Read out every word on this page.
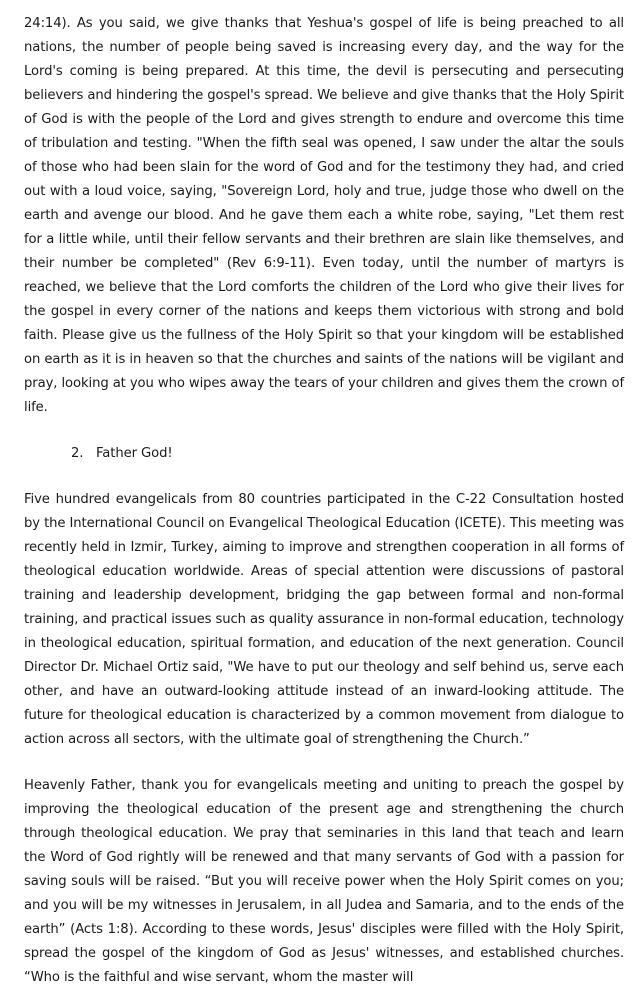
24:14). As you said, we give thanks that Yeshua's gospel of life is being preached to all nations, the number of people being saved is increasing every day, and the way for the Lord's coming is being prepared. At this time, the devil is persecuting and persecuting believers and hindering the gospel's spread. We believe and give thanks that the Holy Spirit of God is with the people of the Lord and gives strength to endure and overcome this time of tribulation and testing. "When the fifth seal was opened, I saw under the altar the souls of those who had been slain for the word of God and for the testimony they had, and cried out with a loud voice, saying, "Sovereign Lord, holy and true, judge those who dwell on the earth and avenge our blood. And he gave them each a white robe, saying, "Let them rest for a little while, until their fellow servants and their brethren are slain like themselves, and their number be completed" (Rev 6:9-11). Even today, until the number of martyrs is reached, we believe that the Lord comforts the children of the Lord who give their lives for the gospel in every corner of the nations and keeps them victorious with strong and bold faith. Please give us the fullness of the Holy Spirit so that your kingdom will be established on earth as it is in heaven so that the churches and saints of the nations will be vigilant and pray, looking at you who wipes away the tears of your children and gives them the crown of life.

2. Father God!

Five hundred evangelicals from 80 countries participated in the C-22 Consultation hosted by the International Council on Evangelical Theological Education (ICETE). This meeting was recently held in Izmir, Turkey, aiming to improve and strengthen cooperation in all forms of theological education worldwide. Areas of special attention were discussions of pastoral training and leadership development, bridging the gap between formal and non-formal training, and practical issues such as quality assurance in non-formal education, technology in theological education, spiritual formation, and education of the next generation. Council Director Dr. Michael Ortiz said, "We have to put our theology and self behind us, serve each other, and have an outward-looking attitude instead of an inward-looking attitude. The future for theological education is characterized by a common movement from dialogue to action across all sectors, with the ultimate goal of strengthening the Church.”

Heavenly Father, thank you for evangelicals meeting and uniting to preach the gospel by improving the theological education of the present age and strengthening the church through theological education. We pray that seminaries in this land that teach and learn the Word of God rightly will be renewed and that many servants of God with a passion for saving souls will be raised. “But you will receive power when the Holy Spirit comes on you; and you will be my witnesses in Jerusalem, in all Judea and Samaria, and to the ends of the earth” (Acts 1:8). According to these words, Jesus' disciples were filled with the Holy Spirit, spread the gospel of the kingdom of God as Jesus' witnesses, and established churches. “Who is the faithful and wise servant, whom the master will
